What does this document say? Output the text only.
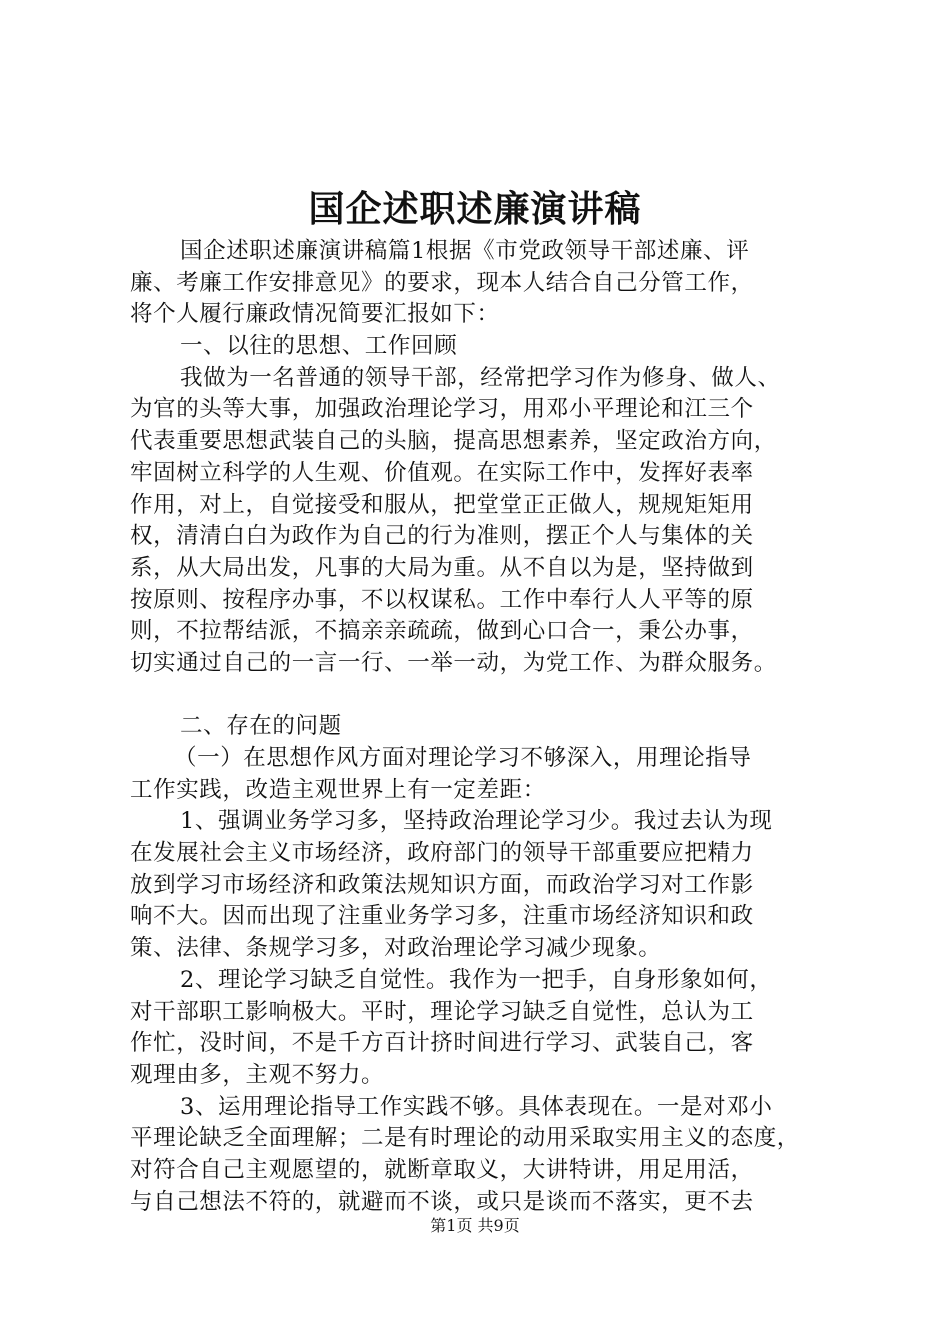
国企述职述廉演讲稿
国企述职述廉演讲稿篇1根据《市党政领导干部述廉、评
廉、考廉工作安排意见》的要求，现本人结合自己分管工作，
将个人履行廉政情况简要汇报如下：
一、以往的思想、工作回顾
我做为一名普通的领导干部，经常把学习作为修身、做人、
为官的头等大事，加强政治理论学习，用邓小平理论和江三个
代表重要思想武装自己的头脑，提高思想素养，坚定政治方向，
牢固树立科学的人生观、价值观。在实际工作中，发挥好表率
作用，对上，自觉接受和服从，把堂堂正正做人，规规矩矩用
权，清清白白为政作为自己的行为准则，摆正个人与集体的关
系，从大局出发，凡事的大局为重。从不自以为是，坚持做到
按原则、按程序办事，不以权谋私。工作中奉行人人平等的原
则，不拉帮结派，不搞亲亲疏疏，做到心口合一，秉公办事，
切实通过自己的一言一行、一举一动，为党工作、为群众服务。
二、存在的问题
（一）在思想作风方面对理论学习不够深入，用理论指导
工作实践，改造主观世界上有一定差距：
1、强调业务学习多，坚持政治理论学习少。我过去认为现
在发展社会主义市场经济，政府部门的领导干部重要应把精力
放到学习市场经济和政策法规知识方面，而政治学习对工作影
响不大。因而出现了注重业务学习多，注重市场经济知识和政
策、法律、条规学习多，对政治理论学习减少现象。
2、理论学习缺乏自觉性。我作为一把手，自身形象如何，
对干部职工影响极大。平时，理论学习缺乏自觉性，总认为工
作忙，没时间，不是千方百计挤时间进行学习、武装自己，客
观理由多，主观不努力。
3、运用理论指导工作实践不够。具体表现在。一是对邓小
平理论缺乏全面理解；二是有时理论的动用采取实用主义的态度，
对符合自己主观愿望的，就断章取义，大讲特讲，用足用活，
与自己想法不符的，就避而不谈，或只是谈而不落实，更不去
第1页 共9页
